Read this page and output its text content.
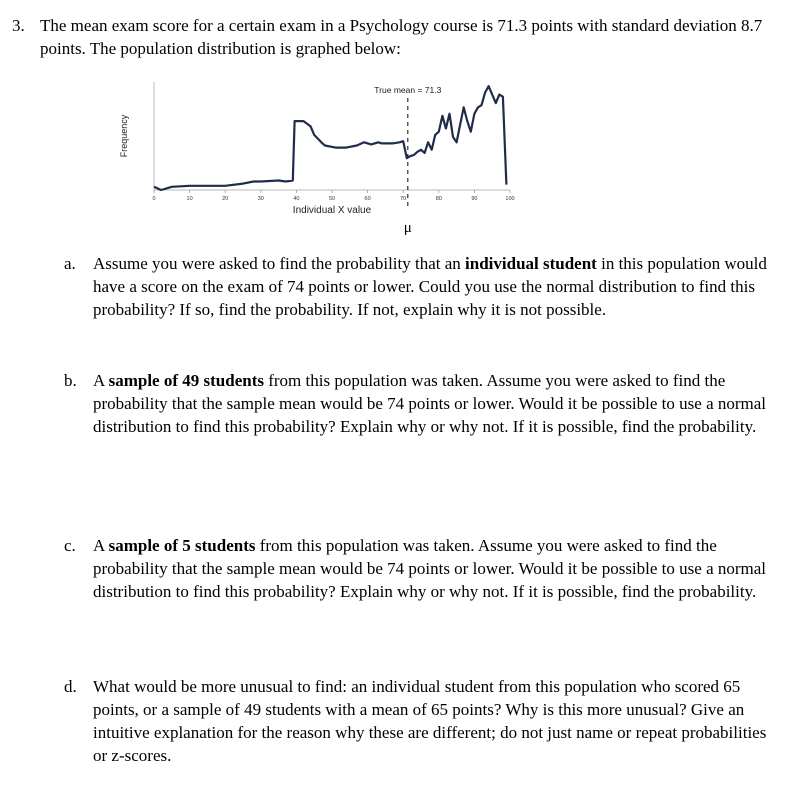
3. The mean exam score for a certain exam in a Psychology course is 71.3 points with standard deviation 8.7 points. The population distribution is graphed below:
0	10	20	30	40	50	60	70	80	90	100
True mean = 71.3
Individual X value
Frequency
μ
a.	Assume you were asked to find the probability that an individual student in this population would have a score on the exam of 74 points or lower. Could you use the normal distribution to find this probability? If so, find the probability. If not, explain why it is not possible.
b. A sample of 49 students from this population was taken. Assume you were asked to find the probability that the sample mean would be 74 points or lower. Would it be possible to use a normal distribution to find this probability? Explain why or why not. If it is possible, find the probability.
c.	A sample of 5 students from this population was taken. Assume you were asked to find the probability that the sample mean would be 74 points or lower. Would it be possible to use a normal distribution to find this probability? Explain why or why not. If it is possible, find the probability.
d. What would be more unusual to find: an individual student from this population who scored 65 points, or a sample of 49 students with a mean of 65 points? Why is this more unusual? Give an intuitive explanation for the reason why these are different; do not just name or repeat probabilities or z-scores.
